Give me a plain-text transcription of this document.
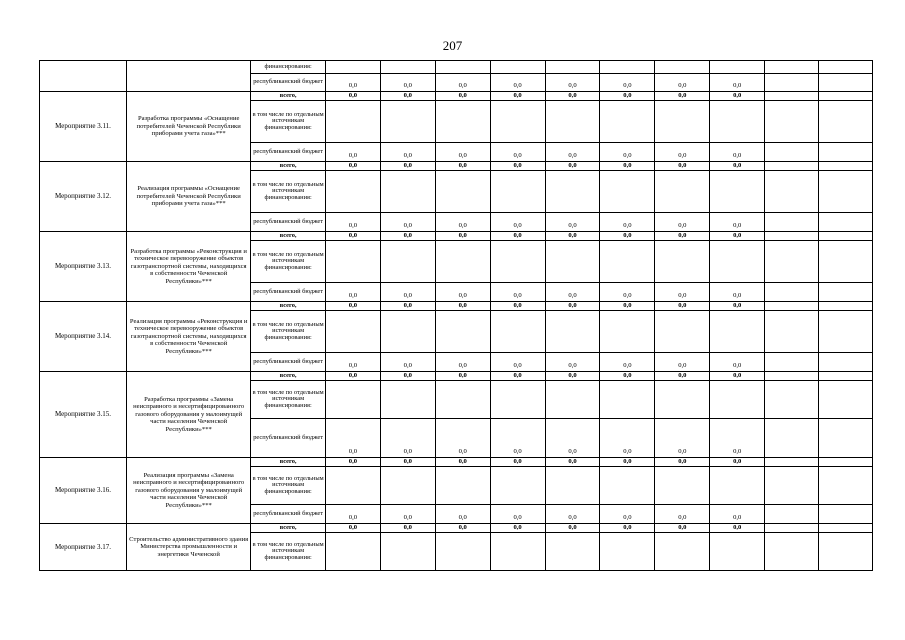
207
		финансирования:										
		республиканский бюджет	0,0	0,0	0,0	0,0	0,0	0,0	0,0	0,0		
Мероприятие 3.11.	Разработка программы «Оснащение потребителей Чеченской Республики приборами учета газа»***	всего,	0,0	0,0	0,0	0,0	0,0	0,0	0,0	0,0		
		в том числе по отдельным источникам финансирования:										
		республиканский бюджет	0,0	0,0	0,0	0,0	0,0	0,0	0,0	0,0		
Мероприятие 3.12.	Реализация программы «Оснащение потребителей Чеченской Республики приборами учета газа»***	всего,	0,0	0,0	0,0	0,0	0,0	0,0	0,0	0,0		
		в том числе по отдельным источникам финансирования:										
		республиканский бюджет	0,0	0,0	0,0	0,0	0,0	0,0	0,0	0,0		
Мероприятие 3.13.	Разработка программы «Реконструкция и техническое перевооружение объектов газотранспортной системы, находящихся в собственности Чеченской Республики»***	всего,	0,0	0,0	0,0	0,0	0,0	0,0	0,0	0,0		
		в том числе по отдельным источникам финансирования:										
		республиканский бюджет	0,0	0,0	0,0	0,0	0,0	0,0	0,0	0,0		
Мероприятие 3.14.	Реализация программы «Реконструкция и техническое перевооружение объектов газотранспортной системы, находящихся в собственности Чеченской Республики»***	всего,	0,0	0,0	0,0	0,0	0,0	0,0	0,0	0,0		
		в том числе по отдельным источникам финансирования:										
		республиканский бюджет	0,0	0,0	0,0	0,0	0,0	0,0	0,0	0,0		
Мероприятие 3.15.	Разработка программы «Замена неисправного и несертифицированного газового оборудования у малоимущей части населения Чеченской Республики»***	всего,	0,0	0,0	0,0	0,0	0,0	0,0	0,0	0,0		
		в том числе по отдельным источникам финансирования:										
		республиканский бюджет	0,0	0,0	0,0	0,0	0,0	0,0	0,0	0,0		
Мероприятие 3.16.	Реализация программы «Замена неисправного и несертифицированного газового оборудования у малоимущей части населения Чеченской Республики»***	всего,	0,0	0,0	0,0	0,0	0,0	0,0	0,0	0,0		
		в том числе по отдельным источникам финансирования:										
		республиканский бюджет	0,0	0,0	0,0	0,0	0,0	0,0	0,0	0,0		
Мероприятие 3.17.	Строительство административного здания Министерства промышленности и энергетики Чеченской	всего,	0,0	0,0	0,0	0,0	0,0	0,0	0,0	0,0		
		в том числе по отдельным источникам финансирования:										
